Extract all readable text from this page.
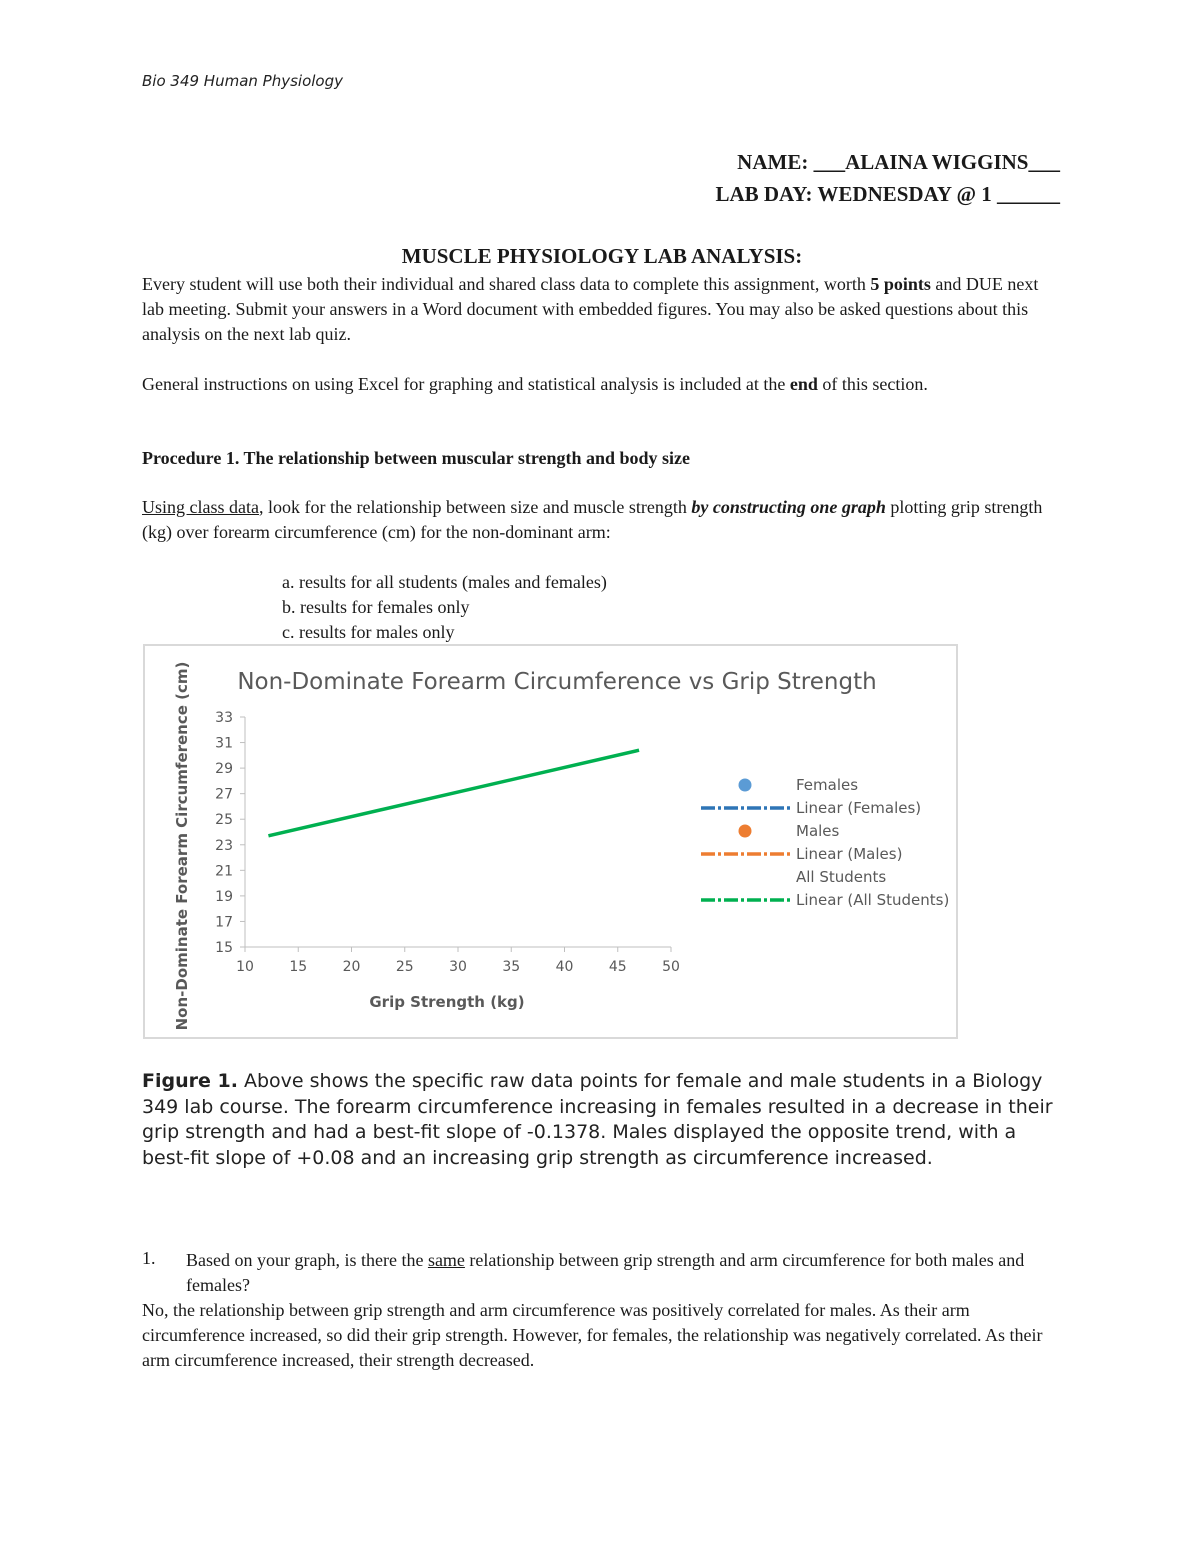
Bio 349 Human Physiology
NAME: ___ALAINA WIGGINS___
LAB DAY: WEDNESDAY @ 1 ______
MUSCLE PHYSIOLOGY LAB ANALYSIS:
Every student will use both their individual and shared class data to complete this assignment, worth 5 points and DUE next lab meeting. Submit your answers in a Word document with embedded figures. You may also be asked questions about this analysis on the next lab quiz.
General instructions on using Excel for graphing and statistical analysis is included at the end of this section.
Procedure 1. The relationship between muscular strength and body size
Using class data, look for the relationship between size and muscle strength by constructing one graph plotting grip strength (kg) over forearm circumference (cm) for the non-dominant arm:
a. results for all students (males and females)
b. results for females only
c. results for males only
Non-Dominate Forearm Circumference vs Grip Strength
Non-Dominate Forearm Circumference (cm)	Grip Strength (kg)
15
17
19
21
23
25
27
29
31
33
10	15	20	25	30	35	40	45	50
Females
Linear (Females)
Males
Linear (Males)
All Students
Linear (All Students)
Figure 1. Above shows the specific raw data points for female and male students in a Biology 349 lab course. The forearm circumference increasing in females resulted in a decrease in their grip strength and had a best-fit slope of -0.1378. Males displayed the opposite trend, with a best-fit slope of +0.08 and an increasing grip strength as circumference increased.
1. Based on your graph, is there the same relationship between grip strength and arm circumference for both males and females?
No, the relationship between grip strength and arm circumference was positively correlated for males. As their arm circumference increased, so did their grip strength. However, for females, the relationship was negatively correlated. As their arm circumference increased, their strength decreased.
